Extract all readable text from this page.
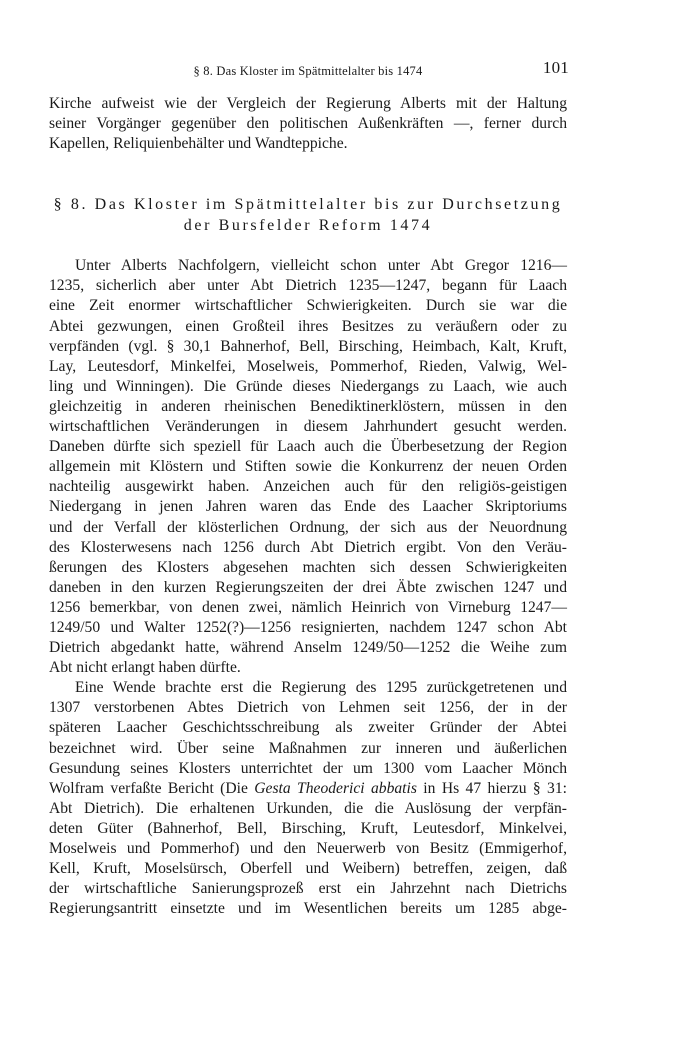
§ 8. Das Kloster im Spätmittelalter bis 1474	101
Kirche aufweist wie der Vergleich der Regierung Alberts mit der Haltung
seiner Vorgänger gegenüber den politischen Außenkräften —, ferner durch
Kapellen, Reliquienbehälter und Wandteppiche.
§ 8. Das Kloster im Spätmittelalter bis zur Durchsetzung
der Bursfelder Reform 1474
Unter Alberts Nachfolgern, vielleicht schon unter Abt Gregor 1216—
1235, sicherlich aber unter Abt Dietrich 1235—1247, begann für Laach
eine Zeit enormer wirtschaftlicher Schwierigkeiten. Durch sie war die
Abtei gezwungen, einen Großteil ihres Besitzes zu veräußern oder zu
verpfänden (vgl. § 30,1 Bahnerhof, Bell, Birsching, Heimbach, Kalt, Kruft,
Lay, Leutesdorf, Minkelfei, Moselweis, Pommerhof, Rieden, Valwig, Wel-
ling und Winningen). Die Gründe dieses Niedergangs zu Laach, wie auch
gleichzeitig in anderen rheinischen Benediktinerklöstern, müssen in den
wirtschaftlichen Veränderungen in diesem Jahrhundert gesucht werden.
Daneben dürfte sich speziell für Laach auch die Überbesetzung der Region
allgemein mit Klöstern und Stiften sowie die Konkurrenz der neuen Orden
nachteilig ausgewirkt haben. Anzeichen auch für den religiös-geistigen
Niedergang in jenen Jahren waren das Ende des Laacher Skriptoriums
und der Verfall der klösterlichen Ordnung, der sich aus der Neuordnung
des Klosterwesens nach 1256 durch Abt Dietrich ergibt. Von den Veräu-
ßerungen des Klosters abgesehen machten sich dessen Schwierigkeiten
daneben in den kurzen Regierungszeiten der drei Äbte zwischen 1247 und
1256 bemerkbar, von denen zwei, nämlich Heinrich von Virneburg 1247—
1249/50 und Walter 1252(?)—1256 resignierten, nachdem 1247 schon Abt
Dietrich abgedankt hatte, während Anselm 1249/50—1252 die Weihe zum
Abt nicht erlangt haben dürfte.
Eine Wende brachte erst die Regierung des 1295 zurückgetretenen und
1307 verstorbenen Abtes Dietrich von Lehmen seit 1256, der in der
späteren Laacher Geschichtsschreibung als zweiter Gründer der Abtei
bezeichnet wird. Über seine Maßnahmen zur inneren und äußerlichen
Gesundung seines Klosters unterrichtet der um 1300 vom Laacher Mönch
Wolfram verfaßte Bericht (Die Gesta Theoderici abbatis in Hs 47 hierzu § 31:
Abt Dietrich). Die erhaltenen Urkunden, die die Auslösung der verpfän-
deten Güter (Bahnerhof, Bell, Birsching, Kruft, Leutesdorf, Minkelvei,
Moselweis und Pommerhof) und den Neuerwerb von Besitz (Emmigerhof,
Kell, Kruft, Moselsürsch, Oberfell und Weibern) betreffen, zeigen, daß
der wirtschaftliche Sanierungsprozeß erst ein Jahrzehnt nach Dietrichs
Regierungsantritt einsetzte und im Wesentlichen bereits um 1285 abge-
